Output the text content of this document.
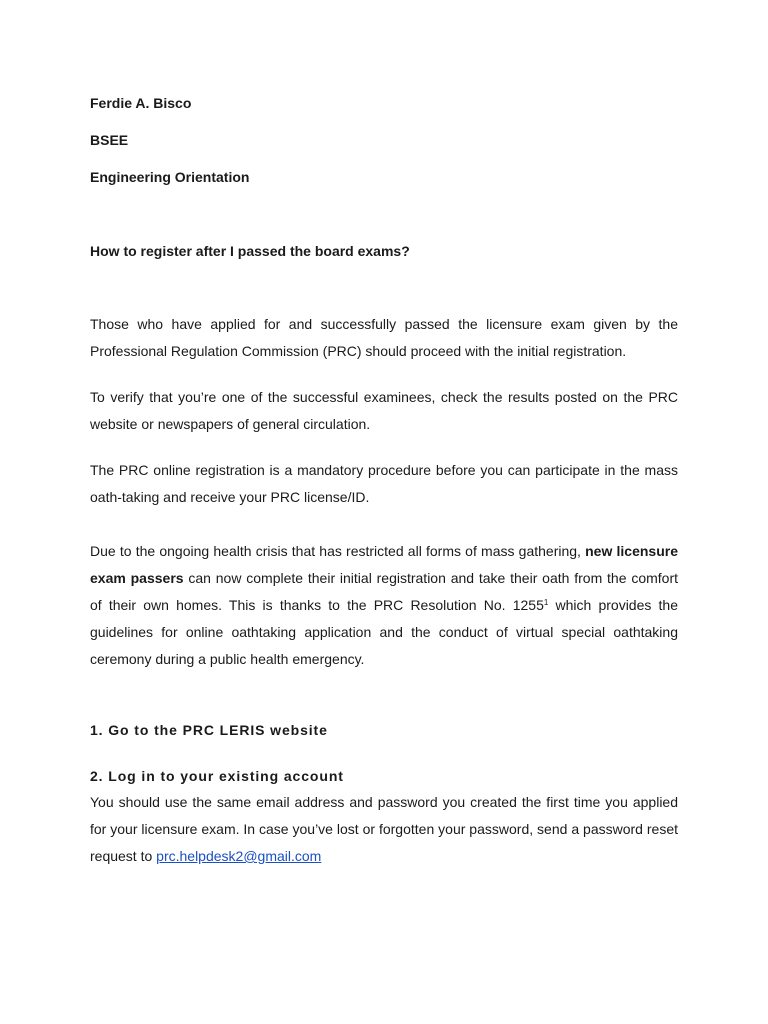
Ferdie A. Bisco
BSEE
Engineering Orientation
How to register after I passed the board exams?

Those who have applied for and successfully passed the licensure exam given by the Professional Regulation Commission (PRC) should proceed with the initial registration.

To verify that you’re one of the successful examinees, check the results posted on the PRC website or newspapers of general circulation.

The PRC online registration is a mandatory procedure before you can participate in the mass oath-taking and receive your PRC license/ID.

Due to the ongoing health crisis that has restricted all forms of mass gathering, new licensure exam passers can now complete their initial registration and take their oath from the comfort of their own homes. This is thanks to the PRC Resolution No. 1255$^1$ which provides the guidelines for online oathtaking application and the conduct of virtual special oathtaking ceremony during a public health emergency.

1. Go to the PRC LERIS website
2. Log in to your existing account

You should use the same email address and password you created the first time you applied for your licensure exam. In case you’ve lost or forgotten your password, send a password reset request to prc.helpdesk2@gmail.com
